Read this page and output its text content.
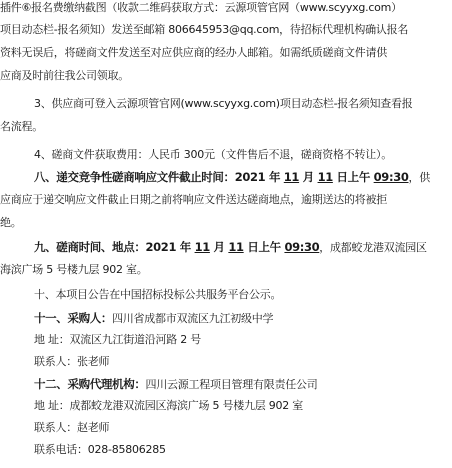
插件⑥报名费缴纳截图（收款二维码获取方式：云源项管官网（www.scyyxg.com）
项目动态栏-报名须知）发送至邮箱 806645953@qq.com，待招标代理机构确认报名
资料无误后，将磋商文件发送至对应供应商的经办人邮箱。如需纸质磋商文件请供
应商及时前往我公司领取。
3、供应商可登入云源项管官网(www.scyyxg.com)项目动态栏-报名须知查看报
名流程。
4、磋商文件获取费用：人民币 300元（文件售后不退，磋商资格不转让）。
八、递交竞争性磋商响应文件截止时间：2021 年 11 月 11 日上午 09:30，供
应商应于递交响应文件截止日期之前将响应文件送达磋商地点，逾期送达的将被拒
绝。
九、磋商时间、地点：2021 年 11 月 11 日上午 09:30，成都蛟龙港双流园区
海滨广场 5 号楼九层 902 室。
十、本项目公告在中国招标投标公共服务平台公示。
十一、采购人：四川省成都市双流区九江初级中学
地 址：双流区九江街道沿河路 2 号
联系人：张老师
十二、采购代理机构：四川云源工程项目管理有限责任公司
地 址：成都蛟龙港双流园区海滨广场 5 号楼九层 902 室
联系人：赵老师
联系电话：028-85806285
